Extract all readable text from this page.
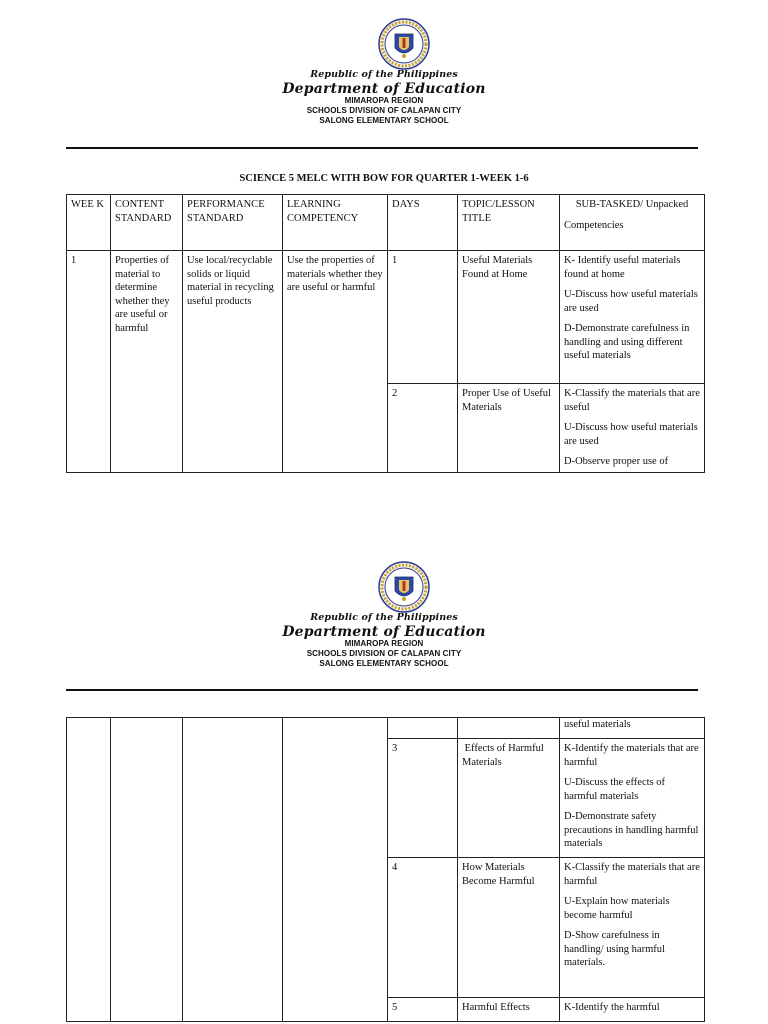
Republic of the Philippines
Department of Education
MIMAROPA REGION
SCHOOLS DIVISION OF CALAPAN CITY
SALONG ELEMENTARY SCHOOL
SCIENCE 5 MELC WITH BOW FOR QUARTER 1-WEEK 1-6
WEE K	CONTENT STANDARD	PERFORMANCE STANDARD	LEARNING COMPETENCY	DAYS	TOPIC/LESSON TITLE	SUB-TASKED/ Unpacked

Competencies

1	Properties of material to determine whether they are useful or harmful	Use local/recyclable solids or liquid material in recycling useful products	Use the properties of materials whether they are useful or harmful	1	Useful Materials Found at Home	K- Identify useful materials found at home

U-Discuss how useful materials are used

D-Demonstrate carefulness in handling and using different useful materials

				2	Proper Use of Useful Materials	K-Classify the materials that are useful

U-Discuss how useful materials are used

D-Observe proper use of

Republic of the Philippines
Department of Education
MIMAROPA REGION
SCHOOLS DIVISION OF CALAPAN CITY
SALONG ELEMENTARY SCHOOL

						useful materials

				3	Effects of Harmful Materials	K-Identify the materials that are harmful

U-Discuss the effects of harmful materials

D-Demonstrate safety precautions in handling harmful materials

				4	How Materials Become Harmful	K-Classify the materials that are harmful

U-Explain how materials become harmful

D-Show carefulness in handling/ using harmful materials.

				5	Harmful Effects	K-Identify the harmful
